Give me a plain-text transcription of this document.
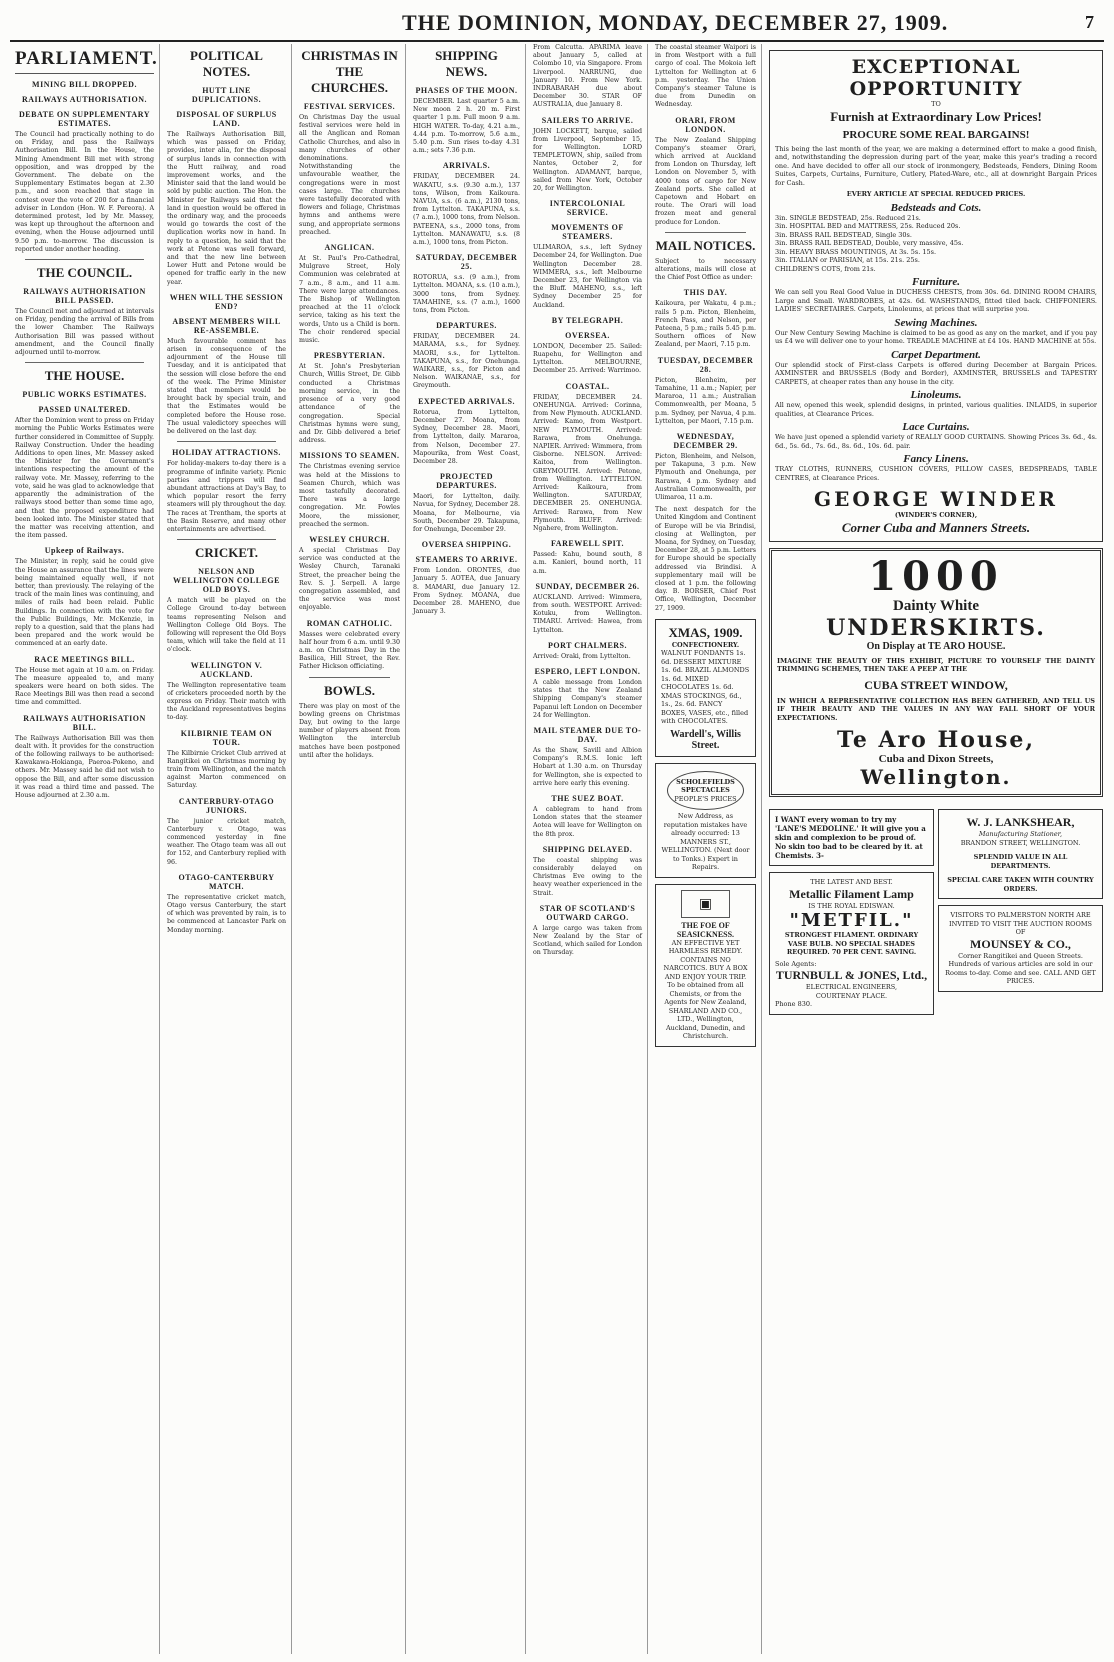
THE DOMINION, MONDAY, DECEMBER 27, 1909.	7
PARLIAMENT.
MINING BILL DROPPED.
RAILWAYS AUTHORISATION.
DEBATE ON SUPPLEMENTARY ESTIMATES.

The Council had practically nothing to do on Friday, and pass the Railways Authorisation Bill. In the House, the Mining Amendment Bill met with strong opposition, and was dropped by the Government. The debate on the Supplementary Estimates began at 2.30 p.m., and soon reached that stage in contest over the vote of 200 for a financial adviser in London (Hon. W. F. Pereora). A determined protest, led by Mr. Massey, was kept up throughout the afternoon and evening, when the House adjourned until 9.50 p.m. to-morrow. The discussion is reported under another heading.

THE COUNCIL.
RAILWAYS AUTHORISATION BILL PASSED.

The Council met and adjourned at intervals on Friday, pending the arrival of Bills from the lower Chamber. The Railways Authorisation Bill was passed without amendment, and the Council finally adjourned until to-morrow.

THE HOUSE.
PUBLIC WORKS ESTIMATES.
PASSED UNALTERED.

After the Dominion went to press on Friday morning the Public Works Estimates were further considered in Committee of Supply. Railway Construction. Under the heading Additions to open lines, Mr. Massey asked the Minister for the Government's intentions respecting the amount of the railway vote. Mr. Massey, referring to the vote, said he was glad to acknowledge that apparently the administration of the railways stood better than some time ago, and that the proposed expenditure had been looked into. The Minister stated that the matter was receiving attention, and the item passed.

Upkeep of Railways.

The Minister, in reply, said he could give the House an assurance that the lines were being maintained equally well, if not better, than previously. The relaying of the track of the main lines was continuing, and miles of rails had been relaid. Public Buildings. In connection with the vote for the Public Buildings, Mr. McKenzie, in reply to a question, said that the plans had been prepared and the work would be commenced at an early date.

RACE MEETINGS BILL.

The House met again at 10 a.m. on Friday. The measure appealed to, and many speakers were heard on both sides. The Race Meetings Bill was then read a second time and committed.

RAILWAYS AUTHORISATION BILL.

The Railways Authorisation Bill was then dealt with. It provides for the construction of the following railways to be authorised: Kawakawa-Hokianga, Paeroa-Pokeno, and others. Mr. Massey said he did not wish to oppose the Bill, and after some discussion it was read a third time and passed. The House adjourned at 2.30 a.m.

POLITICAL NOTES.
HUTT LINE DUPLICATIONS.
DISPOSAL OF SURPLUS LAND.

The Railways Authorisation Bill, which was passed on Friday, provides, inter alia, for the disposal of surplus lands in connection with the Hutt railway, and road improvement works, and the Minister said that the land would be sold by public auction. The Hon. the Minister for Railways said that the land in question would be offered in the ordinary way, and the proceeds would go towards the cost of the duplication works now in hand. In reply to a question, he said that the work at Petone was well forward, and that the new line between Lower Hutt and Petone would be opened for traffic early in the new year.

WHEN WILL THE SESSION END?
ABSENT MEMBERS WILL RE-ASSEMBLE.

Much favourable comment has arisen in consequence of the adjournment of the House till Tuesday, and it is anticipated that the session will close before the end of the week. The Prime Minister stated that members would be brought back by special train, and that the Estimates would be completed before the House rose. The usual valedictory speeches will be delivered on the last day.

HOLIDAY ATTRACTIONS.

For holiday-makers to-day there is a programme of infinite variety. Picnic parties and trippers will find abundant attractions at Day's Bay, to which popular resort the ferry steamers will ply throughout the day. The races at Trentham, the sports at the Basin Reserve, and many other entertainments are advertised.

CRICKET.
NELSON AND WELLINGTON COLLEGE OLD BOYS.

A match will be played on the College Ground to-day between teams representing Nelson and Wellington College Old Boys. The following will represent the Old Boys team, which will take the field at 11 o'clock.

WELLINGTON V. AUCKLAND.

The Wellington representative team of cricketers proceeded north by the express on Friday. Their match with the Auckland representatives begins to-day.

KILBIRNIE TEAM ON TOUR.

The Kilbirnie Cricket Club arrived at Rangitikei on Christmas morning by train from Wellington, and the match against Marton commenced on Saturday.

CANTERBURY-OTAGO JUNIORS.

The junior cricket match, Canterbury v. Otago, was commenced yesterday in fine weather. The Otago team was all out for 152, and Canterbury replied with 96.

OTAGO-CANTERBURY MATCH.

The representative cricket match, Otago versus Canterbury, the start of which was prevented by rain, is to be commenced at Lancaster Park on Monday morning.

CHRISTMAS IN THE CHURCHES.
FESTIVAL SERVICES.

On Christmas Day the usual festival services were held in all the Anglican and Roman Catholic Churches, and also in many churches of other denominations. Notwithstanding the unfavourable weather, the congregations were in most cases large. The churches were tastefully decorated with flowers and foliage, Christmas hymns and anthems were sung, and appropriate sermons preached.

ANGLICAN.

At St. Paul's Pro-Cathedral, Mulgrave Street, Holy Communion was celebrated at 7 a.m., 8 a.m., and 11 a.m. There were large attendances. The Bishop of Wellington preached at the 11 o'clock service, taking as his text the words, Unto us a Child is born. The choir rendered special music.

PRESBYTERIAN.

At St. John's Presbyterian Church, Willis Street, Dr. Gibb conducted a Christmas morning service, in the presence of a very good attendance of the congregation. Special Christmas hymns were sung, and Dr. Gibb delivered a brief address.

MISSIONS TO SEAMEN.

The Christmas evening service was held at the Missions to Seamen Church, which was most tastefully decorated. There was a large congregation. Mr. Fowles Moore, the missioner, preached the sermon.

WESLEY CHURCH.

A special Christmas Day service was conducted at the Wesley Church, Taranaki Street, the preacher being the Rev. S. J. Serpell. A large congregation assembled, and the service was most enjoyable.

ROMAN CATHOLIC.

Masses were celebrated every half hour from 6 a.m. until 9.30 a.m. on Christmas Day in the Basilica, Hill Street, the Rev. Father Hickson officiating.

BOWLS.

There was play on most of the bowling greens on Christmas Day, but owing to the large number of players absent from Wellington the interclub matches have been postponed until after the holidays.

SHIPPING NEWS.
PHASES OF THE MOON.

DECEMBER. Last quarter 5 a.m. New moon 2 h. 20 m. First quarter 1 p.m. Full moon 9 a.m. HIGH WATER. To-day, 4.21 a.m., 4.44 p.m. To-morrow, 5.6 a.m., 5.40 p.m. Sun rises to-day 4.31 a.m.; sets 7.36 p.m.

ARRIVALS.

FRIDAY, DECEMBER 24. WAKATU, s.s. (9.30 a.m.), 137 tons, Wilson, from Kaikoura. NAVUA, s.s. (6 a.m.), 2130 tons, from Lyttelton. TAKAPUNA, s.s. (7 a.m.), 1000 tons, from Nelson. PATEENA, s.s., 2000 tons, from Lyttelton. MANAWATU, s.s. (8 a.m.), 1000 tons, from Picton.

SATURDAY, DECEMBER 25.

ROTORUA, s.s. (9 a.m.), from Lyttelton. MOANA, s.s. (10 a.m.), 3000 tons, from Sydney. TAMAHINE, s.s. (7 a.m.), 1600 tons, from Picton.

DEPARTURES.

FRIDAY, DECEMBER 24. MARAMA, s.s., for Sydney. MAORI, s.s., for Lyttelton. TAKAPUNA, s.s., for Onehunga. WAIKARE, s.s., for Picton and Nelson. WAIKANAE, s.s., for Greymouth.

EXPECTED ARRIVALS.

Rotorua, from Lyttelton, December 27. Moana, from Sydney, December 28. Maori, from Lyttelton, daily. Mararoa, from Nelson, December 27. Mapourika, from West Coast, December 28.

PROJECTED DEPARTURES.

Maori, for Lyttelton, daily. Navua, for Sydney, December 28. Moana, for Melbourne, via South, December 29. Takapuna, for Onehunga, December 29.

OVERSEA SHIPPING.
STEAMERS TO ARRIVE.

From London. ORONTES, due January 5. AOTEA, due January 8. MAMARI, due January 12. From Sydney. MOANA, due December 28. MAHENO, due January 3.

From Calcutta. APARIMA leave about January 5, called at Colombo 10, via Singapore. From Liverpool. NARRUNG, due January 10. From New York. INDRABARAH due about December 30. STAR OF AUSTRALIA, due January 8.

SAILERS TO ARRIVE.

JOHN LOCKETT, barque, sailed from Liverpool, September 15, for Wellington. LORD TEMPLETOWN, ship, sailed from Nantes, October 2, for Wellington. ADAMANT, barque, sailed from New York, October 20, for Wellington.

INTERCOLONIAL SERVICE.
MOVEMENTS OF STEAMERS.

ULIMAROA, s.s., left Sydney December 24, for Wellington. Due Wellington December 28. WIMMERA, s.s., left Melbourne December 23, for Wellington via the Bluff. MAHENO, s.s., left Sydney December 25 for Auckland.

BY TELEGRAPH.
OVERSEA.

LONDON, December 25. Sailed: Ruapehu, for Wellington and Lyttelton. MELBOURNE, December 25. Arrived: Warrimoo.

COASTAL.

FRIDAY, DECEMBER 24. ONEHUNGA. Arrived: Corinna, from New Plymouth. AUCKLAND. Arrived: Kamo, from Westport. NEW PLYMOUTH. Arrived: Rarawa, from Onehunga. NAPIER. Arrived: Wimmera, from Gisborne. NELSON. Arrived: Kaitoa, from Wellington. GREYMOUTH. Arrived: Petone, from Wellington. LYTTELTON. Arrived: Kaikoura, from Wellington. SATURDAY, DECEMBER 25. ONEHUNGA. Arrived: Rarawa, from New Plymouth. BLUFF. Arrived: Ngahere, from Wellington.

FAREWELL SPIT.

Passed: Kahu, bound south, 8 a.m. Kanieri, bound north, 11 a.m.

SUNDAY, DECEMBER 26.

AUCKLAND. Arrived: Wimmera, from south. WESTPORT. Arrived: Kotuku, from Wellington. TIMARU. Arrived: Hawea, from Lyttelton.

PORT CHALMERS.

Arrived: Oraki, from Lyttelton.

ESPERO, LEFT LONDON.

A cable message from London states that the New Zealand Shipping Company's steamer Papanui left London on December 24 for Wellington.

MAIL STEAMER DUE TO-DAY.

As the Shaw, Savill and Albion Company's R.M.S. Ionic left Hobart at 1.30 a.m. on Thursday for Wellington, she is expected to arrive here early this evening.

THE SUEZ BOAT.

A cablegram to hand from London states that the steamer Aotea will leave for Wellington on the 8th prox.

SHIPPING DELAYED.

The coastal shipping was considerably delayed on Christmas Eve owing to the heavy weather experienced in the Strait.

STAR OF SCOTLAND'S OUTWARD CARGO.

A large cargo was taken from New Zealand by the Star of Scotland, which sailed for London on Thursday.

The coastal steamer Waipori is in from Westport with a full cargo of coal. The Mokoia left Lyttelton for Wellington at 6 p.m. yesterday. The Union Company's steamer Talune is due from Dunedin on Wednesday.

ORARI, FROM LONDON.

The New Zealand Shipping Company's steamer Orari, which arrived at Auckland from London on Thursday, left London on November 5, with 4000 tons of cargo for New Zealand ports. She called at Capetown and Hobart en route. The Orari will load frozen meat and general produce for London.

MAIL NOTICES.

Subject to necessary alterations, mails will close at the Chief Post Office as under:

THIS DAY.

Kaikoura, per Wakatu, 4 p.m.; rails 5 p.m. Picton, Blenheim, French Pass, and Nelson, per Pateena, 5 p.m.; rails 5.45 p.m. Southern offices of New Zealand, per Maori, 7.15 p.m.

TUESDAY, DECEMBER 28.

Picton, Blenheim, per Tamahine, 11 a.m.; Napier, per Mararoa, 11 a.m.; Australian Commonwealth, per Moana, 5 p.m. Sydney, per Navua, 4 p.m. Lyttelton, per Maori, 7.15 p.m.

WEDNESDAY, DECEMBER 29.

Picton, Blenheim, and Nelson, per Takapuna, 3 p.m. New Plymouth and Onehunga, per Rarawa, 4 p.m. Sydney and Australian Commonwealth, per Ulimaroa, 11 a.m.

The next despatch for the United Kingdom and Continent of Europe will be via Brindisi, closing at Wellington, per Moana, for Sydney, on Tuesday, December 28, at 5 p.m. Letters for Europe should be specially addressed via Brindisi. A supplementary mail will be closed at 1 p.m. the following day. B. BORSER, Chief Post Office, Wellington, December 27, 1909.

XMAS, 1909.
CONFECTIONERY.
WALNUT FONDANTS 1s. 6d. DESSERT MIXTURE 1s. 6d. BRAZIL ALMONDS 1s. 6d. MIXED CHOCOLATES 1s. 6d. XMAS STOCKINGS, 6d., 1s., 2s. 6d. FANCY BOXES, VASES, etc., filled with CHOCOLATES.
Wardell's, Willis Street.
SCHOLEFIELDS SPECTACLES
PEOPLE'S PRICES
New Address, as reputation mistakes have already occurred: 13 MANNERS ST., WELLINGTON. (Next door to Tonks.) Expert in Repairs.
▣
THE FOE OF SEASICKNESS.
AN EFFECTIVE YET HARMLESS REMEDY. CONTAINS NO NARCOTICS. BUY A BOX AND ENJOY YOUR TRIP. To be obtained from all Chemists, or from the Agents for New Zealand, SHARLAND AND CO., LTD., Wellington, Auckland, Dunedin, and Christchurch.
EXCEPTIONAL OPPORTUNITY
TO
Furnish at Extraordinary Low Prices!
PROCURE SOME REAL BARGAINS!
This being the last month of the year, we are making a determined effort to make a good finish, and, notwithstanding the depression during part of the year, make this year's trading a record one. And have decided to offer all our stock of ironmongery, Bedsteads, Fenders, Dining Room Suites, Carpets, Curtains, Furniture, Cutlery, Plated-Ware, etc., all at downright Bargain Prices for Cash.
EVERY ARTICLE AT SPECIAL REDUCED PRICES.
Bedsteads and Cots.
3in. SINGLE BEDSTEAD, 25s. Reduced 21s.
3in. HOSPITAL BED and MATTRESS, 25s. Reduced 20s.
3in. BRASS RAIL BEDSTEAD, Single 30s.
3in. BRASS RAIL BEDSTEAD, Double, very massive, 45s.
3in. HEAVY BRASS MOUNTINGS, At 3s. 5s. 15s.
3in. ITALIAN or PARISIAN, at 15s. 21s. 25s.
CHILDREN'S COTS, from 21s.
Furniture.
We can sell you Real Good Value in DUCHESS CHESTS, from 30s. 6d. DINING ROOM CHAIRS, Large and Small. WARDROBES, at 42s. 6d. WASHSTANDS, fitted tiled back. CHIFFONIERS. LADIES' SECRETAIRES. Carpets, Linoleums, at prices that will surprise you.
Sewing Machines.
Our New Century Sewing Machine is claimed to be as good as any on the market, and if you pay us £4 we will deliver one to your home. TREADLE MACHINE at £4 10s. HAND MACHINE at 55s.
Carpet Department.
Our splendid stock of First-class Carpets is offered during December at Bargain Prices. AXMINSTER and BRUSSELS (Body and Border), AXMINSTER, BRUSSELS and TAPESTRY CARPETS, at cheaper rates than any house in the city.
Linoleums.
All new, opened this week, splendid designs, in printed, various qualities. INLAIDS, in superior qualities, at Clearance Prices.
Lace Curtains.
We have just opened a splendid variety of REALLY GOOD CURTAINS. Showing Prices 3s. 6d., 4s. 6d., 5s. 6d., 7s. 6d., 8s. 6d., 10s. 6d. pair.
Fancy Linens.
TRAY CLOTHS, RUNNERS, CUSHION COVERS, PILLOW CASES, BEDSPREADS, TABLE CENTRES, at Clearance Prices.
GEORGE WINDER
(WINDER'S CORNER),
Corner Cuba and Manners Streets.
1000
Dainty White
UNDERSKIRTS.
On Display at TE ARO HOUSE.
IMAGINE THE BEAUTY OF THIS EXHIBIT, PICTURE TO YOURSELF THE DAINTY TRIMMING SCHEMES, THEN TAKE A PEEP AT THE
CUBA STREET WINDOW,
IN WHICH A REPRESENTATIVE COLLECTION HAS BEEN GATHERED, AND TELL US IF THEIR BEAUTY AND THE VALUES IN ANY WAY FALL SHORT OF YOUR EXPECTATIONS.
Te Aro House,
Cuba and Dixon Streets,
Wellington.
I WANT every woman to try my 'LANE'S MEDOLINE.' It will give you a skin and complexion to be proud of. No skin too bad to be cleared by it. at Chemists. 3-
THE LATEST AND BEST.
Metallic Filament Lamp
IS THE ROYAL EDISWAN.
"METFIL."
STRONGEST FILAMENT. ORDINARY VASE BULB. NO SPECIAL SHADES REQUIRED. 70 PER CENT. SAVING.
Sole Agents:
TURNBULL & JONES, Ltd.,
ELECTRICAL ENGINEERS,
COURTENAY PLACE.
Phone 830.
W. J. LANKSHEAR,
Manufacturing Stationer,
BRANDON STREET, WELLINGTON.
SPLENDID VALUE IN ALL DEPARTMENTS.
SPECIAL CARE TAKEN WITH COUNTRY ORDERS.
VISITORS TO PALMERSTON NORTH ARE INVITED TO VISIT THE AUCTION ROOMS OF
MOUNSEY & CO.,
Corner Rangitikei and Queen Streets. Hundreds of various articles are sold in our Rooms to-day. Come and see. CALL AND GET PRICES.
